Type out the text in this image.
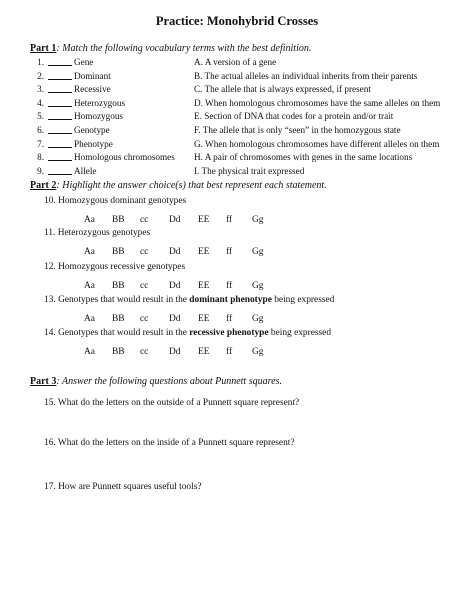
Practice: Monohybrid Crosses
Part 1: Match the following vocabulary terms with the best definition.
1.	Gene	A. A version of a gene
2.	Dominant	B. The actual alleles an individual inherits from their parents
3.	Recessive	C. The allele that is always expressed, if present
4.	Heterozygous	D. When homologous chromosomes have the same alleles on them
5.	Homozygous	E. Section of DNA that codes for a protein and/or trait
6.	Genotype	F. The allele that is only “seen” in the homozygous state
7.	Phenotype	G. When homologous chromosomes have different alleles on them
8.	Homologous chromosomes H. A pair of chromosomes with genes in the same locations
9.	Allele	I. The physical trait expressed
Part 2: Highlight the answer choice(s) that best represent each statement.
10. Homozygous dominant genotypes
Aa BB cc Dd EE ff Gg
11. Heterozygous genotypes
Aa BB cc Dd EE ff Gg
12. Homozygous recessive genotypes
Aa BB cc Dd EE ff Gg
13. Genotypes that would result in the dominant phenotype being expressed
Aa BB cc Dd EE ff Gg
14. Genotypes that would result in the recessive phenotype being expressed
Aa BB cc Dd EE ff Gg
Part 3: Answer the following questions about Punnett squares.
15. What do the letters on the outside of a Punnett square represent?
16. What do the letters on the inside of a Punnett square represent?
17. How are Punnett squares useful tools?
